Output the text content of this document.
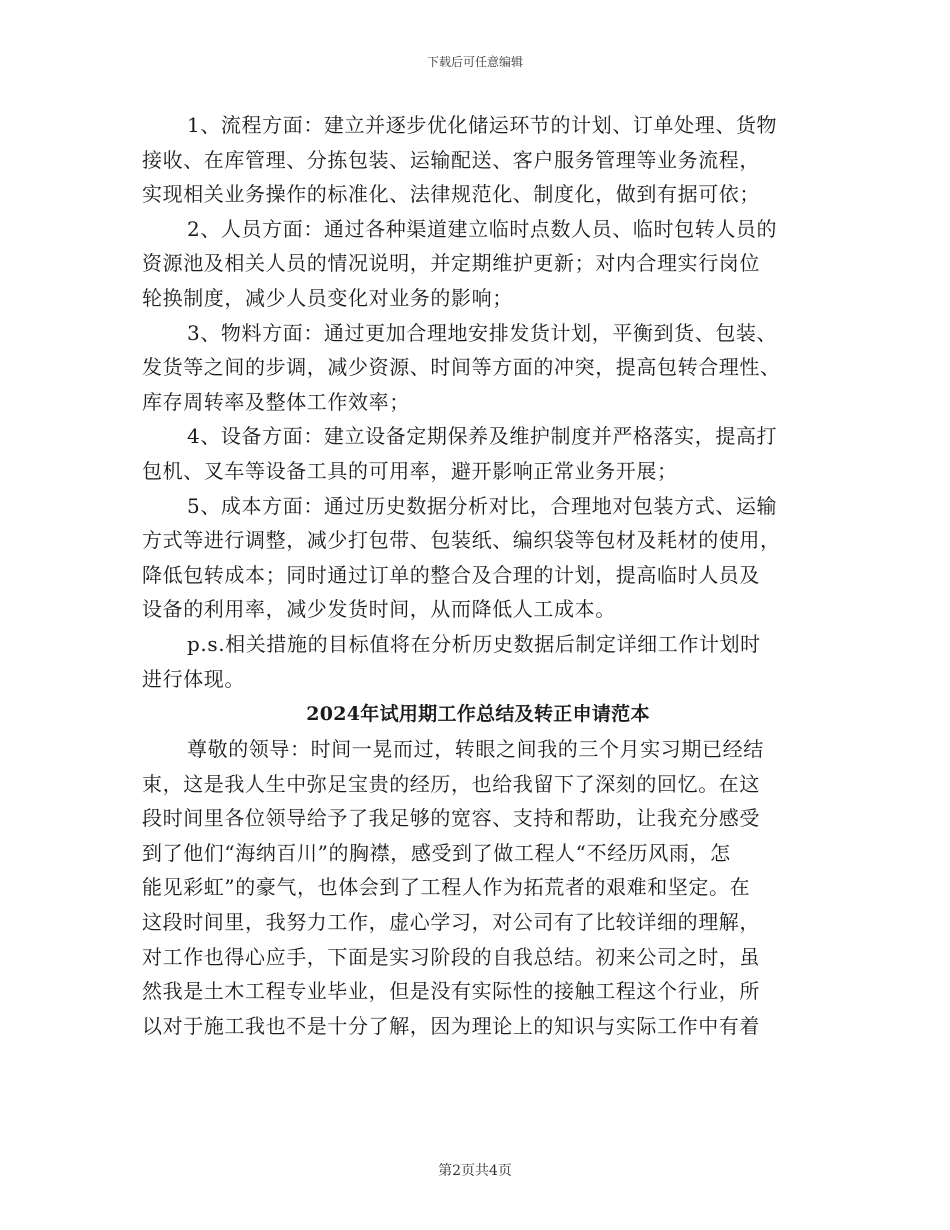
下载后可任意编辑
1、流程方面：建立并逐步优化储运环节的计划、订单处理、货物
接收、在库管理、分拣包装、运输配送、客户服务管理等业务流程，
实现相关业务操作的标准化、法律规范化、制度化，做到有据可依；
2、人员方面：通过各种渠道建立临时点数人员、临时包转人员的
资源池及相关人员的情况说明，并定期维护更新；对内合理实行岗位
轮换制度，减少人员变化对业务的影响；
3、物料方面：通过更加合理地安排发货计划，平衡到货、包装、
发货等之间的步调，减少资源、时间等方面的冲突，提高包转合理性、
库存周转率及整体工作效率；
4、设备方面：建立设备定期保养及维护制度并严格落实，提高打
包机、叉车等设备工具的可用率，避开影响正常业务开展；
5、成本方面：通过历史数据分析对比，合理地对包装方式、运输
方式等进行调整，减少打包带、包装纸、编织袋等包材及耗材的使用，
降低包转成本；同时通过订单的整合及合理的计划，提高临时人员及
设备的利用率，减少发货时间，从而降低人工成本。
p.s.相关措施的目标值将在分析历史数据后制定详细工作计划时
进行体现。
2024年试用期工作总结及转正申请范本
尊敬的领导：时间一晃而过，转眼之间我的三个月实习期已经结
束，这是我人生中弥足宝贵的经历，也给我留下了深刻的回忆。在这
段时间里各位领导给予了我足够的宽容、支持和帮助，让我充分感受
到了他们“海纳百川”的胸襟，感受到了做工程人“不经历风雨，怎
能见彩虹”的豪气，也体会到了工程人作为拓荒者的艰难和坚定。在
这段时间里，我努力工作，虚心学习，对公司有了比较详细的理解，
对工作也得心应手，下面是实习阶段的自我总结。初来公司之时，虽
然我是土木工程专业毕业，但是没有实际性的接触工程这个行业，所
以对于施工我也不是十分了解，因为理论上的知识与实际工作中有着
第2页共4页
